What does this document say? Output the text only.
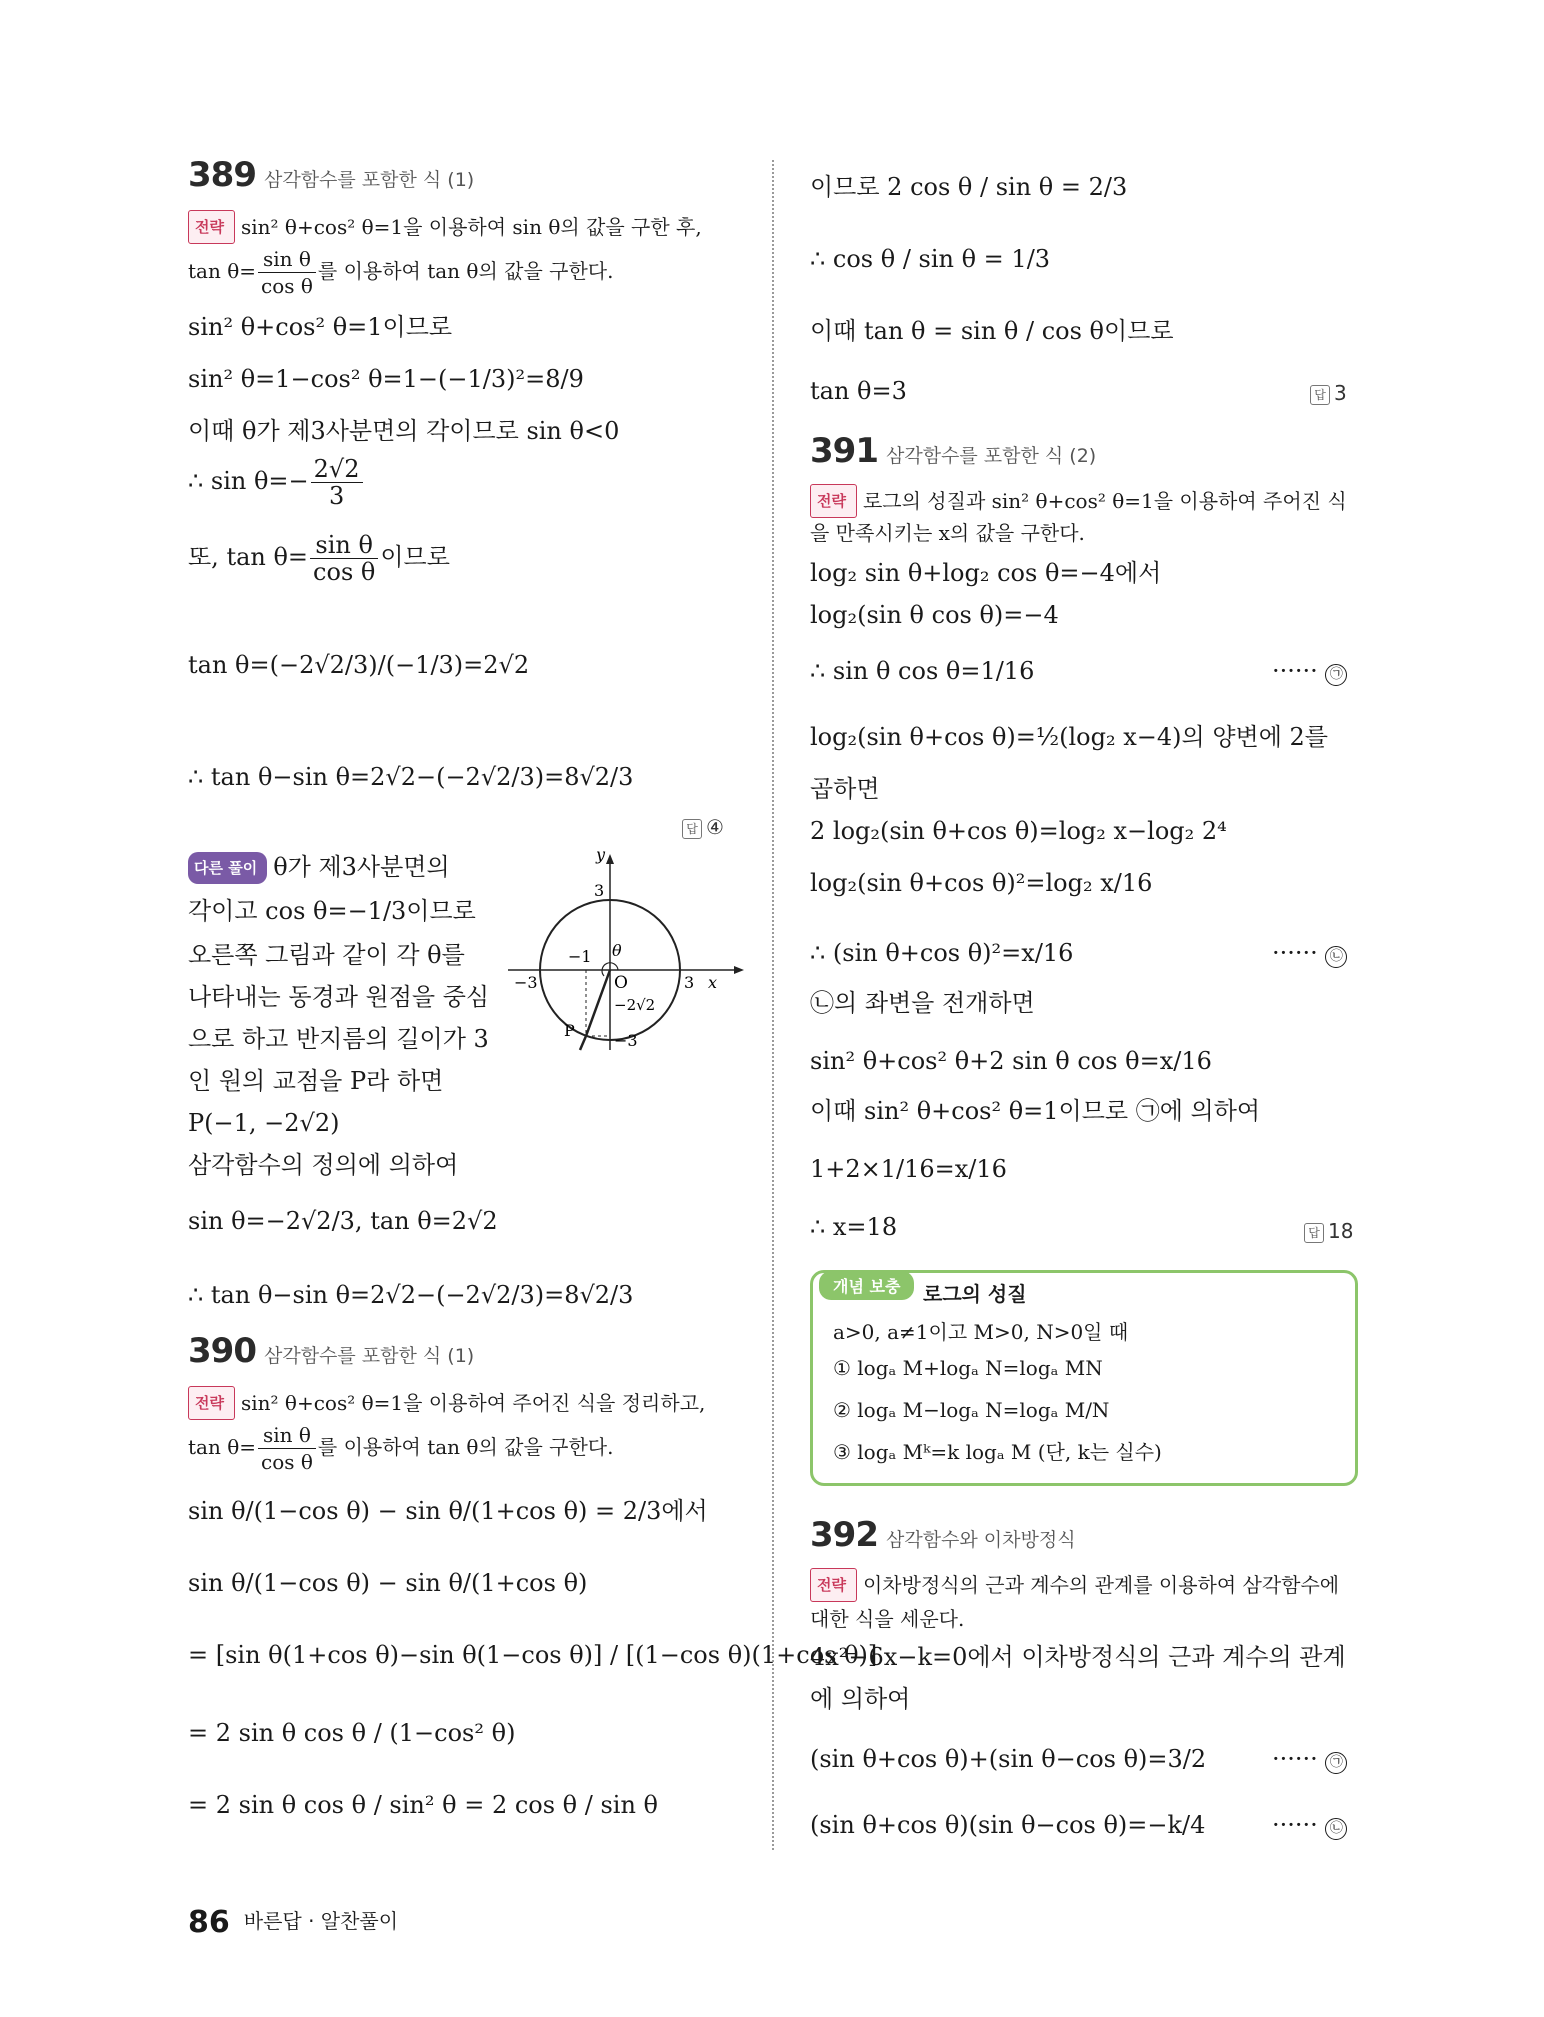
389 삼각함수를 포함한 식 (1)
전략 sin² θ+cos² θ=1을 이용하여 sin θ의 값을 구한 후,
$\tan \theta= \frac{\text{sin θ}}{\text{cos θ}}$ 를 이용하여 tan θ의 값을 구한다.
sin² θ+cos² θ=1이므로
sin² θ=1−cos² θ=1−(−1/3)²=8/9
이때 θ가 제3사분면의 각이므로 sin θ<0
∴ $\sin \theta=- \frac{2√2}{3}$
또, $\tan \theta= \frac{\text{sin θ}}{\text{cos θ}}$ 이므로
tan θ=(−2√2/3)/(−1/3)=2√2
∴ tan θ−sin θ=2√2−(−2√2/3)=8√2/3
답 ④
다른 풀이 θ가 제3사분면의
각이고 cos θ=−1/3이므로
오른쪽 그림과 같이 각 θ를
나타내는 동경과 원점을 중심
으로 하고 반지름의 길이가 3
인 원의 교점을 P라 하면
P(−1, −2√2)
삼각함수의 정의에 의하여
sin θ=−2√2/3, tan θ=2√2
∴ tan θ−sin θ=2√2−(−2√2/3)=8√2/3
y
3
−1 θ
−3	O	3 x
−2√2
P
−3
390 삼각함수를 포함한 식 (1)
전략 sin² θ+cos² θ=1을 이용하여 주어진 식을 정리하고,
$\tan \theta= \frac{\text{sin θ}}{\text{cos θ}}$ 를 이용하여 tan θ의 값을 구한다.
sin θ/(1−cos θ) − sin θ/(1+cos θ) = 2/3에서
sin θ/(1−cos θ) − sin θ/(1+cos θ)
= [sin θ(1+cos θ)−sin θ(1−cos θ)] / [(1−cos θ)(1+cos θ)]
= 2 sin θ cos θ / (1−cos² θ)
= 2 sin θ cos θ / sin² θ = 2 cos θ / sin θ
이므로 2 cos θ / sin θ = 2/3
∴ cos θ / sin θ = 1/3
이때 tan θ = sin θ / cos θ이므로
tan θ=3	답 3
391 삼각함수를 포함한 식 (2)
전략 로그의 성질과 sin² θ+cos² θ=1을 이용하여 주어진 식
을 만족시키는 x의 값을 구한다.
log₂ sin θ+log₂ cos θ=−4에서
log₂(sin θ cos θ)=−4
∴ sin θ cos θ=1/16	······ ㉠
log₂(sin θ+cos θ)=½(log₂ x−4)의 양변에 2를
곱하면
2 log₂(sin θ+cos θ)=log₂ x−log₂ 2⁴
log₂(sin θ+cos θ)²=log₂ x/16
∴ (sin θ+cos θ)²=x/16	······ ㉡
㉡의 좌변을 전개하면
sin² θ+cos² θ+2 sin θ cos θ=x/16
이때 sin² θ+cos² θ=1이므로 ㉠에 의하여
1+2×1/16=x/16
∴ x=18	답 18
개념 보충	로그의 성질
a>0, a≠1이고 M>0, N>0일 때
① logₐ M+logₐ N=logₐ MN
② logₐ M−logₐ N=logₐ M/N
③ logₐ Mᵏ=k logₐ M (단, k는 실수)
392 삼각함수와 이차방정식
전략 이차방정식의 근과 계수의 관계를 이용하여 삼각함수에
대한 식을 세운다.
4x²−6x−k=0에서 이차방정식의 근과 계수의 관계
에 의하여
(sin θ+cos θ)+(sin θ−cos θ)=3/2	······ ㉠
(sin θ+cos θ)(sin θ−cos θ)=−k/4	······ ㉡
86 바른답 · 알찬풀이
